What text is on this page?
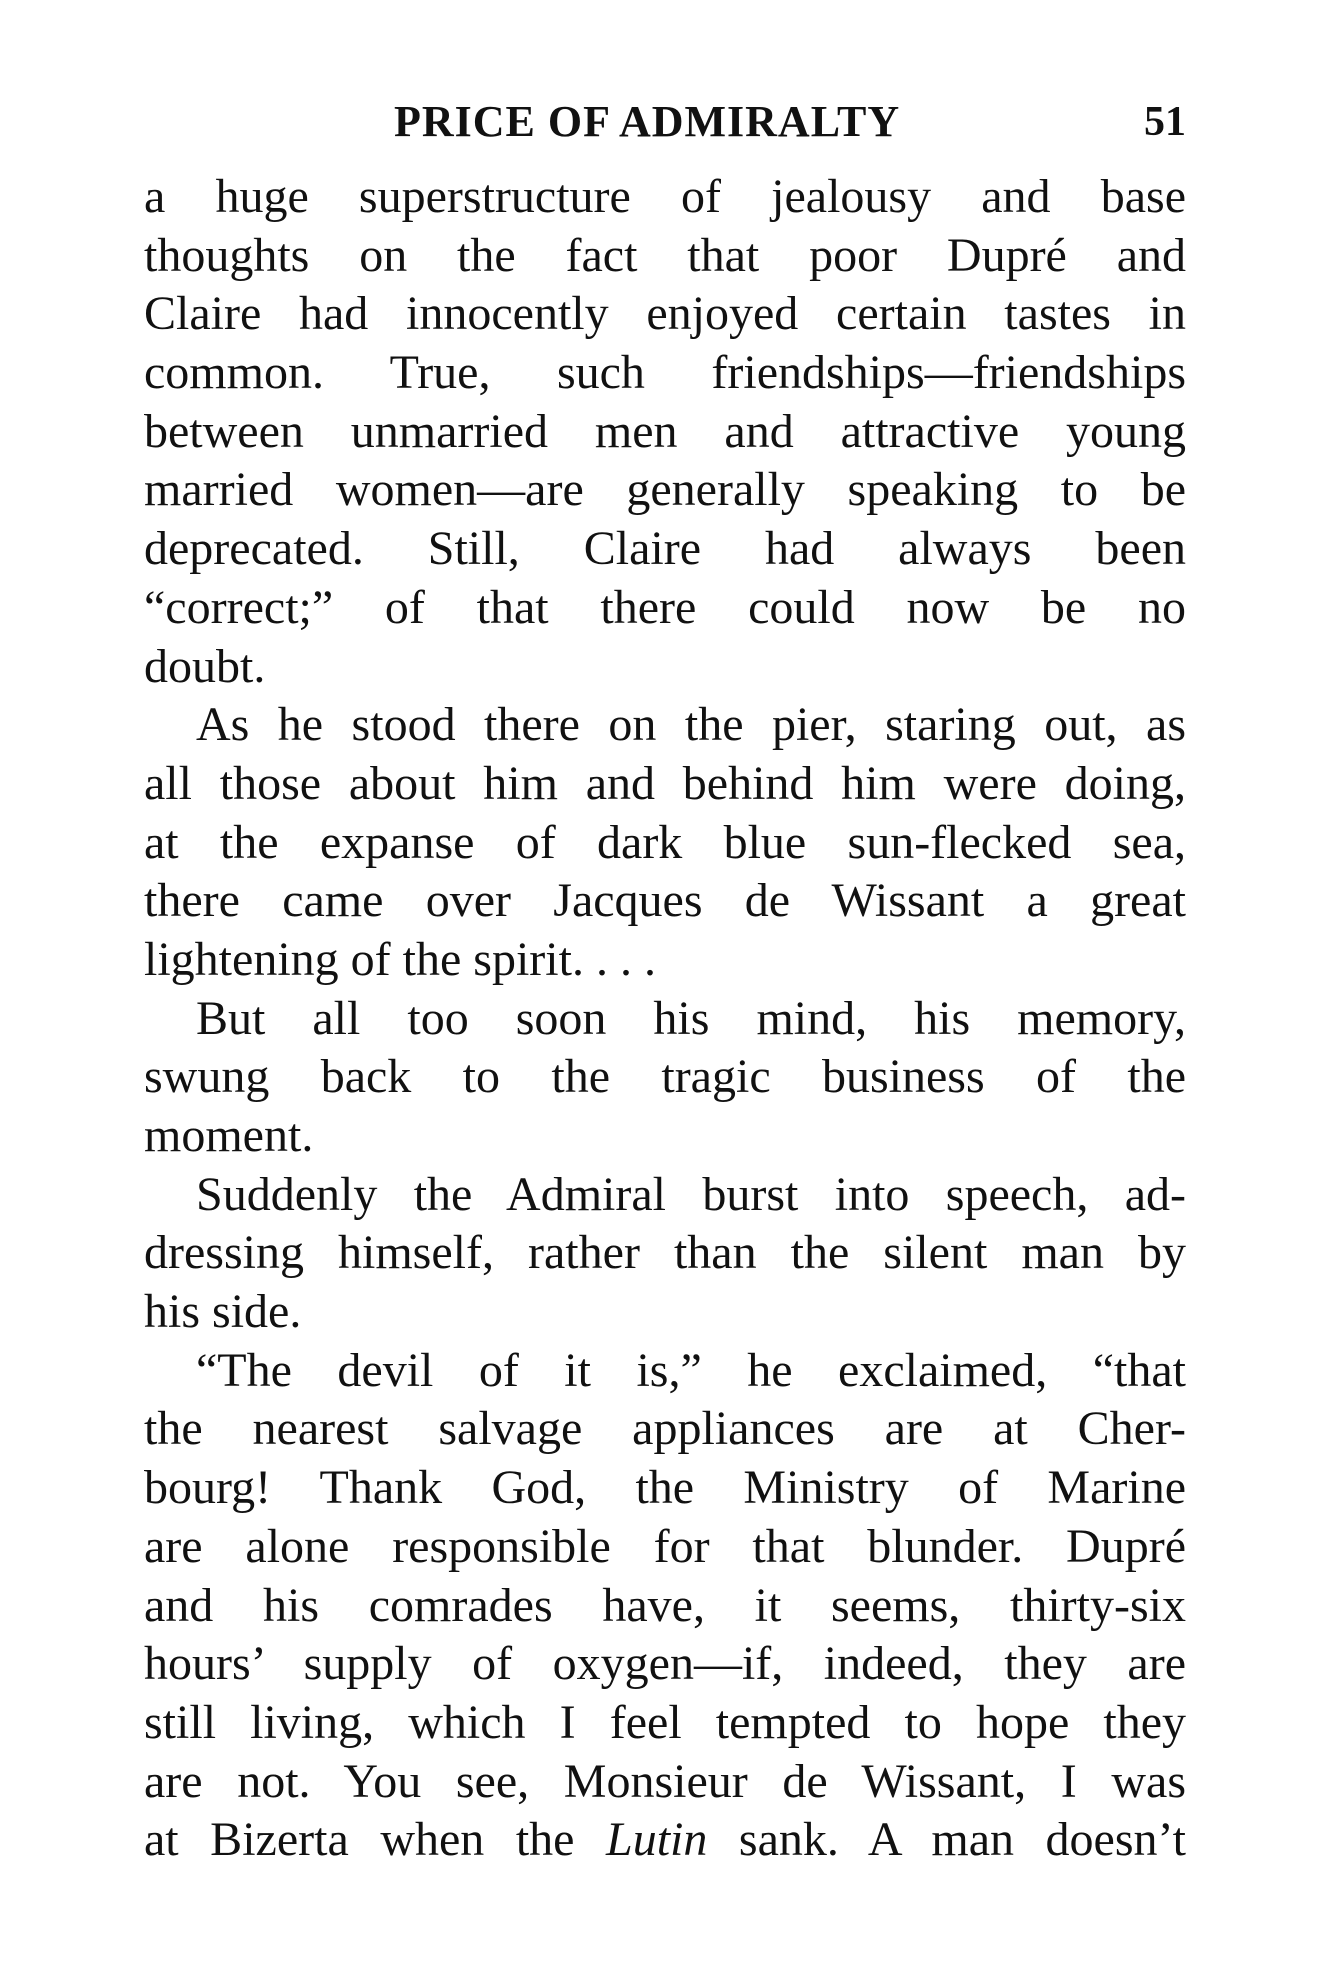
PRICE OF ADMIRALTY	51
a huge superstructure of jealousy and base
thoughts on the fact that poor Dupré and
Claire had innocently enjoyed certain tastes in
common. True, such friendships—friendships
between unmarried men and attractive young
married women—are generally speaking to be
deprecated. Still, Claire had always been
“correct;” of that there could now be no
doubt.
As he stood there on the pier, staring out, as
all those about him and behind him were doing,
at the expanse of dark blue sun-flecked sea,
there came over Jacques de Wissant a great
lightening of the spirit. . . .
But all too soon his mind, his memory,
swung back to the tragic business of the
moment.
Suddenly the Admiral burst into speech, ad-
dressing himself, rather than the silent man by
his side.
“The devil of it is,” he exclaimed, “that
the nearest salvage appliances are at Cher-
bourg! Thank God, the Ministry of Marine
are alone responsible for that blunder. Dupré
and his comrades have, it seems, thirty-six
hours’ supply of oxygen—if, indeed, they are
still living, which I feel tempted to hope they
are not. You see, Monsieur de Wissant, I was
at Bizerta when the Lutin sank. A man doesn’t
